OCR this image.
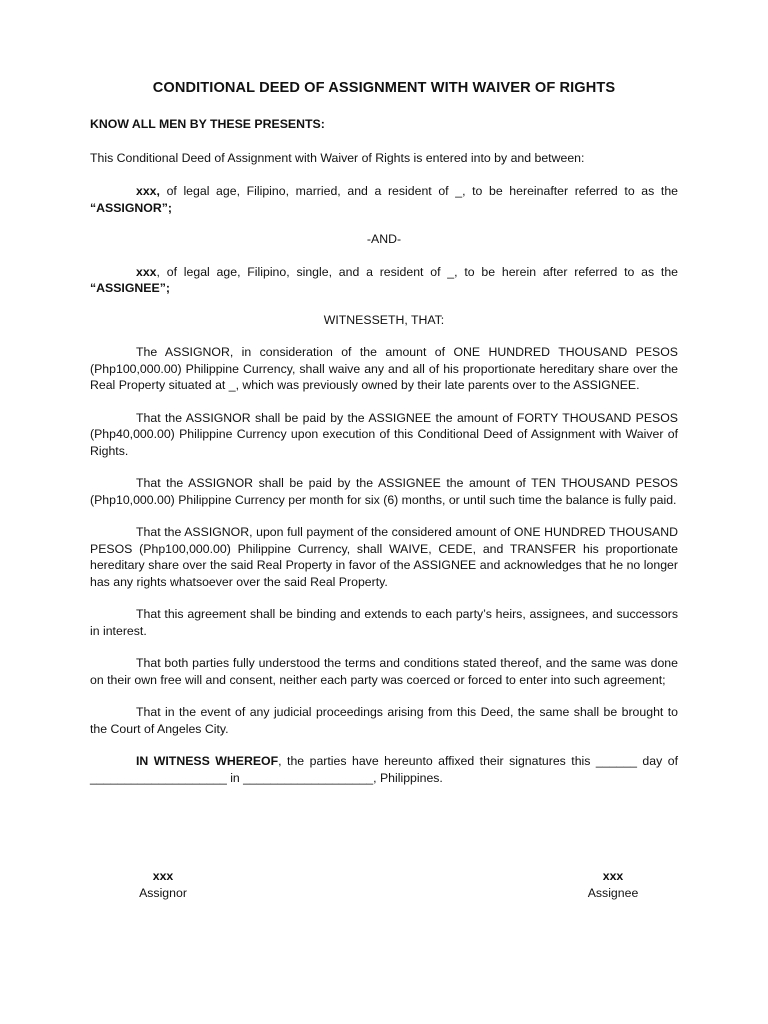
CONDITIONAL DEED OF ASSIGNMENT WITH WAIVER OF RIGHTS

KNOW ALL MEN BY THESE PRESENTS:

This Conditional Deed of Assignment with Waiver of Rights is entered into by and between:

xxx, of legal age, Filipino, married, and a resident of _, to be hereinafter referred to as the “ASSIGNOR”;

-AND-

xxx, of legal age, Filipino, single, and a resident of _, to be herein after referred to as the “ASSIGNEE”;

WITNESSETH, THAT:

The ASSIGNOR, in consideration of the amount of ONE HUNDRED THOUSAND PESOS (Php100,000.00) Philippine Currency, shall waive any and all of his proportionate hereditary share over the Real Property situated at _, which was previously owned by their late parents over to the ASSIGNEE.

That the ASSIGNOR shall be paid by the ASSIGNEE the amount of FORTY THOUSAND PESOS (Php40,000.00) Philippine Currency upon execution of this Conditional Deed of Assignment with Waiver of Rights.

That the ASSIGNOR shall be paid by the ASSIGNEE the amount of TEN THOUSAND PESOS (Php10,000.00) Philippine Currency per month for six (6) months, or until such time the balance is fully paid.

That the ASSIGNOR, upon full payment of the considered amount of ONE HUNDRED THOUSAND PESOS (Php100,000.00) Philippine Currency, shall WAIVE, CEDE, and TRANSFER his proportionate hereditary share over the said Real Property in favor of the ASSIGNEE and acknowledges that he no longer has any rights whatsoever over the said Real Property.

That this agreement shall be binding and extends to each party’s heirs, assignees, and successors in interest.

That both parties fully understood the terms and conditions stated thereof, and the same was done on their own free will and consent, neither each party was coerced or forced to enter into such agreement;

That in the event of any judicial proceedings arising from this Deed, the same shall be brought to the Court of Angeles City.

IN WITNESS WHEREOF, the parties have hereunto affixed their signatures this ______ day of ____________________ in ___________________, Philippines.

xxx
Assignor
xxx
Assignee
